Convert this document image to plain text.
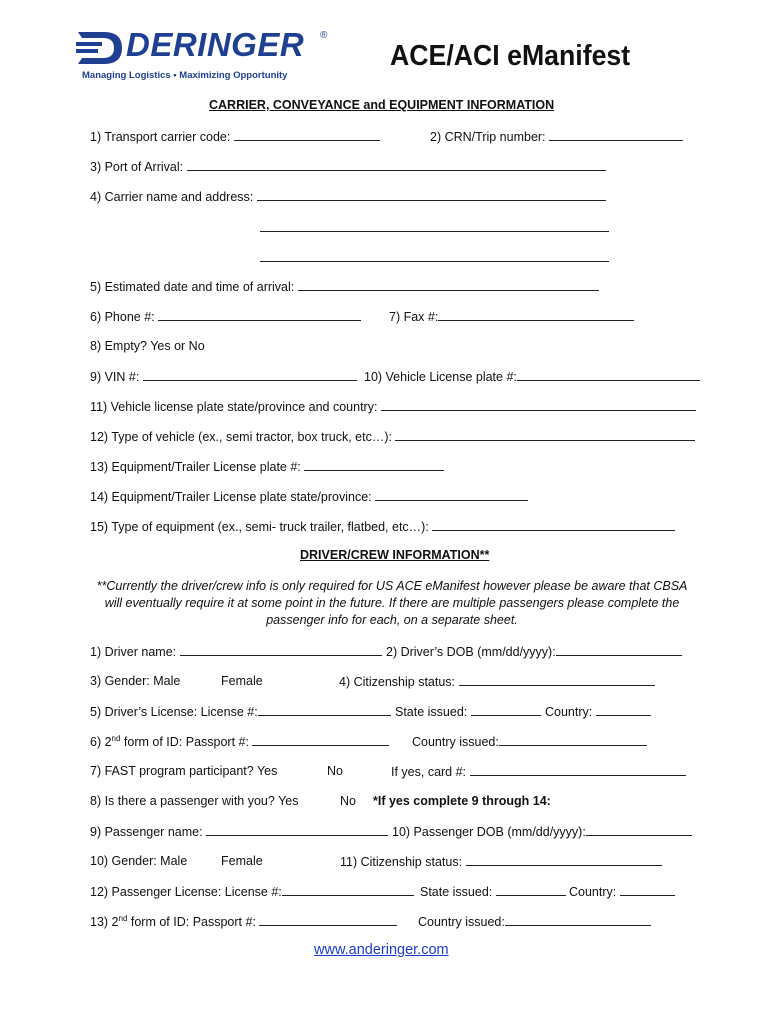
DERINGER ®
Managing Logistics • Maximizing Opportunity
ACE/ACI eManifest
CARRIER, CONVEYANCE and EQUIPMENT INFORMATION
1) Transport carrier code:	2) CRN/Trip number:
3) Port of Arrival:
4) Carrier name and address:
5) Estimated date and time of arrival:
6) Phone #:	7) Fax #:
8) Empty? Yes or No
9) VIN #:	10) Vehicle License plate #:
11) Vehicle license plate state/province and country:
12) Type of vehicle (ex., semi tractor, box truck, etc…):
13) Equipment/Trailer License plate #:
14) Equipment/Trailer License plate state/province:
15) Type of equipment (ex., semi- truck trailer, flatbed, etc…):
DRIVER/CREW INFORMATION**
**Currently the driver/crew info is only required for US ACE eManifest however please be aware that CBSA will eventually require it at some point in the future. If there are multiple passengers please complete the passenger info for each, on a separate sheet.
1) Driver name:	2) Driver’s DOB (mm/dd/yyyy):
3) Gender: Male	Female	4) Citizenship status:
5) Driver’s License: License #:	State issued:	Country:
6) 2nd form of ID: Passport #:	Country issued:
7) FAST program participant? Yes	No	If yes, card #:
8) Is there a passenger with you? Yes	No *If yes complete 9 through 14:
9) Passenger name:	10) Passenger DOB (mm/dd/yyyy):
10) Gender: Male	Female	11) Citizenship status:
12) Passenger License: License #:	State issued:	Country:
13) 2nd form of ID: Passport #:	Country issued:
www.anderinger.com
